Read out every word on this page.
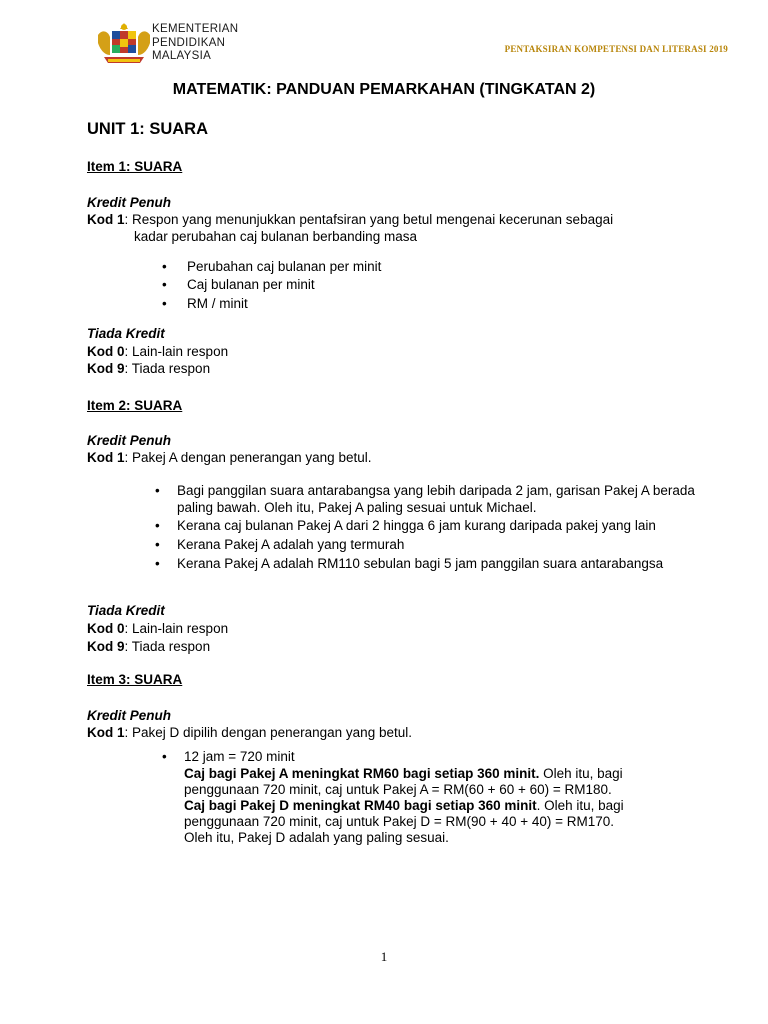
KEMENTERIAN
PENDIDIKAN
MALAYSIA
PENTAKSIRAN KOMPETENSI DAN LITERASI 2019
MATEMATIK: PANDUAN PEMARKAHAN (TINGKATAN 2)
UNIT 1: SUARA
Item 1: SUARA
Kredit Penuh
Kod 1: Respon yang menunjukkan pentafsiran yang betul mengenai kecerunan sebagai
kadar perubahan caj bulanan berbanding masa
• Perubahan caj bulanan per minit
• Caj bulanan per minit
• RM / minit
Tiada Kredit
Kod 0: Lain-lain respon
Kod 9: Tiada respon
Item 2: SUARA
Kredit Penuh
Kod 1: Pakej A dengan penerangan yang betul.
• Bagi panggilan suara antarabangsa yang lebih daripada 2 jam, garisan Pakej A berada
paling bawah. Oleh itu, Pakej A paling sesuai untuk Michael.
• Kerana caj bulanan Pakej A dari 2 hingga 6 jam kurang daripada pakej yang lain
• Kerana Pakej A adalah yang termurah
• Kerana Pakej A adalah RM110 sebulan bagi 5 jam panggilan suara antarabangsa
Tiada Kredit
Kod 0: Lain-lain respon
Kod 9: Tiada respon
Item 3: SUARA
Kredit Penuh
Kod 1: Pakej D dipilih dengan penerangan yang betul.
• 12 jam = 720 minit
Caj bagi Pakej A meningkat RM60 bagi setiap 360 minit. Oleh itu, bagi
penggunaan 720 minit, caj untuk Pakej A = RM(60 + 60 + 60) = RM180.
Caj bagi Pakej D meningkat RM40 bagi setiap 360 minit. Oleh itu, bagi
penggunaan 720 minit, caj untuk Pakej D = RM(90 + 40 + 40) = RM170.
Oleh itu, Pakej D adalah yang paling sesuai.
1
